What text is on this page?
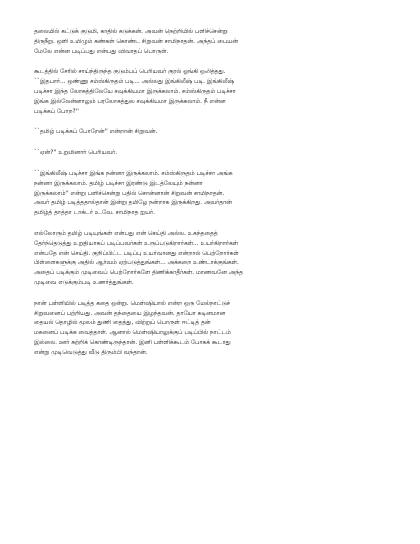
தலையில் கட்டுக் குடுமி, காதில் கடுக்கன். அவன் நெற்றியில் பளிச்சென்று
திருநீறு. ஒளி உமிழும் கண்கள் கொண்ட சிறுவன் சாமிநாதன். அந்தப் பையன்
மேலே என்ன படிப்பது என்பது விவாதப் பொருள்.

கூடத்தில் சேரில் சாய்ந்திருந்த குடும்பப் பெரியவர் குரல் ஓங்கி ஒலித்தது.
``இதபார்... ஒண்ணு சம்ஸ்கிருதம் படி... அல்லது இங்கிலீஷ் படி. இங்கிலீஷ்
படிச்சா இந்த லோகத்திலேயே சவுக்கியமா இருக்கலாம். சம்ஸ்கிருதம் படிச்சா
இங்க இல்லேன்னாலும் பரலோகத்துல சவுக்கியமா இருக்கலாம். நீ என்ன
படிக்கப் போற?''

``தமிழ் படிக்கப் போறேன்'' என்றான் சிறுவன்.

``ஏன்?'' உறுமினார் பெரியவர்.

``இங்கிலீஷ் படிச்சா இங்க நன்னா இருக்கலாம். சம்ஸ்கிருதம் படிச்சா அங்க
நன்னா இருக்கலாம். தமிழ் படிச்சா இரண்டு இடத்லேயும் நன்னா
இருக்கலாம்'' என்று பளிச்சென்று பதில் சொன்னான் சிறுவன் சாமிநாதன்.
அவர் தமிழ் படித்ததால்தான் இன்று தமிழே நன்றாக இருக்கிறது. அவர்தான்
தமிழ்த் தாத்தா டாக்டர் உ.வே. சாமிநாத ஐயர்.

எல்லோரும் தமிழ் படியுங்கள் என்பது என் செய்தி அல்ல. உகந்ததைத்
தேர்ந்தெடுத்து உறுதியாகப் படிப்பவர்கள் உருப்படுகிறார்கள்... உயர்கிறார்கள்
என்பதே என் செய்தி. குறிப்பிட்ட படிப்பு உயர்வானது என்றால் பெற்றோர்கள்
பிள்ளைகளுக்கு அதில் ஆர்வம் ஏற்படுத்துங்கள்... அக்கறை உண்டாக்குங்கள்.
அதைப் படிக்கும் முடிவைப் பெற்றோர்களே திணிக்காதீர்கள். மாணவனே அந்த
முடிவை எடுக்கும்படி உணர்த்துங்கள்.

நான் பள்ளியில் படித்த கதை ஒன்று. மெள்ஷியால் என்ற ஒரு மேல்நாட்டுச்
சிறுவனைப் பற்றியது. அவன் தந்தையை இழந்தவன். தாயோ கடினமான
தையல் தொழில் மூலம் துணி தைத்து, விற்றுப் பொருள் ஈட்டித் தன்
மகனைப் படிக்க வைத்தாள். ஆனால் மெள்ஷியாலுக்குப் படிப்பில் நாட்டம்
இல்லை. ஊர் சுற்றிக் கொண்டிருந்தான். இனி பள்ளிக்கூடம் போகக் கூடாது
என்று முடிவெடுத்து வீடு திரும்பி வந்தான்.
